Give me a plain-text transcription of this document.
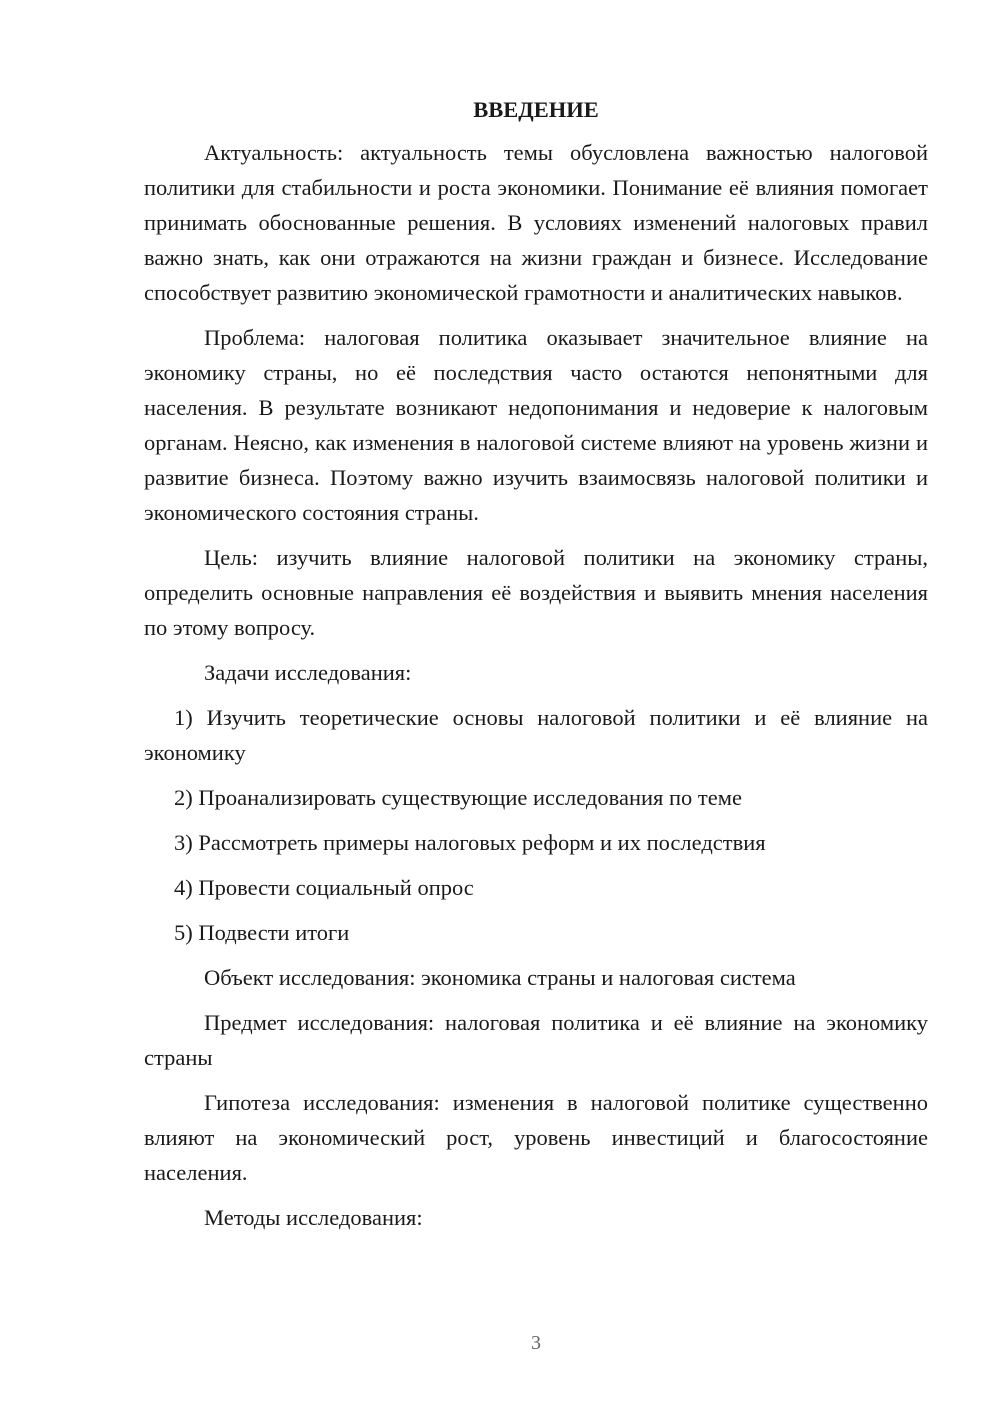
ВВЕДЕНИЕ

Актуальность: актуальность темы обусловлена важностью налоговой политики для стабильности и роста экономики. Понимание её влияния помогает принимать обоснованные решения. В условиях изменений налоговых правил важно знать, как они отражаются на жизни граждан и бизнесе. Исследование способствует развитию экономической грамотности и аналитических навыков.

Проблема: налоговая политика оказывает значительное влияние на экономику страны, но её последствия часто остаются непонятными для населения. В результате возникают недопонимания и недоверие к налоговым органам. Неясно, как изменения в налоговой системе влияют на уровень жизни и развитие бизнеса. Поэтому важно изучить взаимосвязь налоговой политики и экономического состояния страны.

Цель: изучить влияние налоговой политики на экономику страны, определить основные направления её воздействия и выявить мнения населения по этому вопросу.

Задачи исследования:

1) Изучить теоретические основы налоговой политики и её влияние на экономику

2) Проанализировать существующие исследования по теме

3) Рассмотреть примеры налоговых реформ и их последствия

4) Провести социальный опрос

5) Подвести итоги

Объект исследования: экономика страны и налоговая система

Предмет исследования: налоговая политика и её влияние на экономику страны

Гипотеза исследования: изменения в налоговой политике существенно влияют на экономический рост, уровень инвестиций и благосостояние населения.

Методы исследования:

3
